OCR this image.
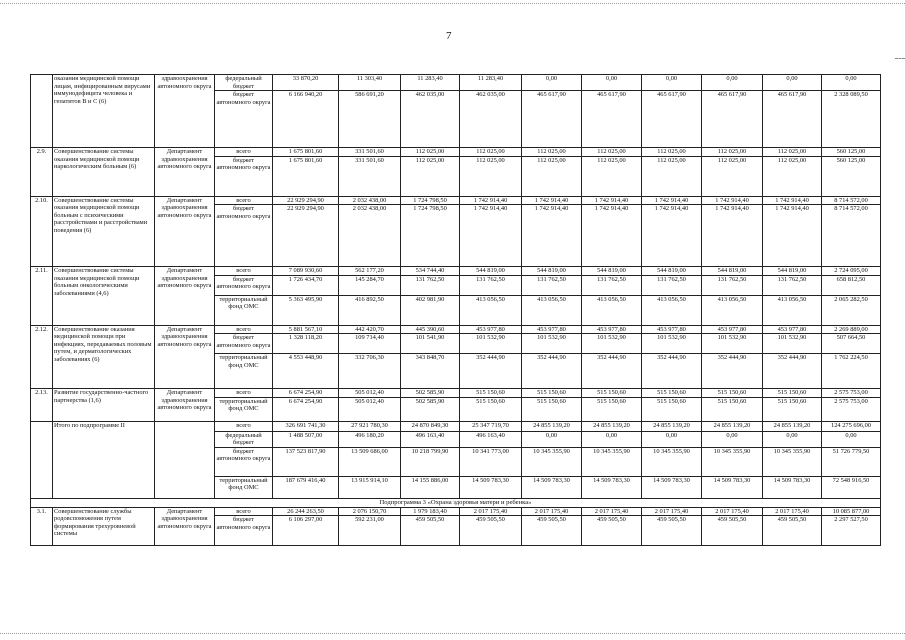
7
	оказания медицинской помощи лицам, инфицированным вирусами иммунодефицита человека и гепатитов В и С (6)	здравоохранения автономного округа	федеральный бюджет	33 870,20	11 303,40	11 283,40	11 283,40	0,00	0,00	0,00	0,00	0,00	0,00
			бюджет автономного округа	6 166 940,20	586 691,20	462 035,00	462 035,00	465 617,90	465 617,90	465 617,90	465 617,90	465 617,90	2 328 089,50
2.9.	Совершенствование системы оказания медицинской помощи наркологическим больным (6)	Департамент здравоохранения автономного округа	всего	1 675 801,60	331 501,60	112 025,00	112 025,00	112 025,00	112 025,00	112 025,00	112 025,00	112 025,00	560 125,00
			бюджет автономного округа	1 675 801,60	331 501,60	112 025,00	112 025,00	112 025,00	112 025,00	112 025,00	112 025,00	112 025,00	560 125,00
2.10.	Совершенствование системы оказания медицинской помощи больным с психическими расстройствами и расстройствами поведения (6)	Департамент здравоохранения автономного округа	всего	22 929 294,90	2 032 438,00	1 724 798,50	1 742 914,40	1 742 914,40	1 742 914,40	1 742 914,40	1 742 914,40	1 742 914,40	8 714 572,00
			бюджет автономного округа	22 929 294,90	2 032 438,00	1 724 798,50	1 742 914,40	1 742 914,40	1 742 914,40	1 742 914,40	1 742 914,40	1 742 914,40	8 714 572,00
2.11.	Совершенствование системы оказания медицинской помощи больным онкологическими заболеваниями (4,6)	Департамент здравоохранения автономного округа	всего	7 089 930,60	562 177,20	534 744,40	544 819,00	544 819,00	544 819,00	544 819,00	544 819,00	544 819,00	2 724 095,00
			бюджет автономного округа	1 726 434,70	145 284,70	131 762,50	131 762,50	131 762,50	131 762,50	131 762,50	131 762,50	131 762,50	658 812,50
			территориальный фонд ОМС	5 363 495,90	416 892,50	402 981,90	413 056,50	413 056,50	413 056,50	413 056,50	413 056,50	413 056,50	2 065 282,50
2.12.	Совершенствование оказания медицинской помощи при инфекциях, передаваемых половым путем, и дерматологических заболеваниях (6)	Департамент здравоохранения автономного округа	всего	5 881 567,10	442 420,70	445 390,60	453 977,80	453 977,80	453 977,80	453 977,80	453 977,80	453 977,80	2 269 889,00
			бюджет автономного округа	1 328 118,20	109 714,40	101 541,90	101 532,90	101 532,90	101 532,90	101 532,90	101 532,90	101 532,90	507 664,50
			территориальный фонд ОМС	4 553 448,90	332 706,30	343 848,70	352 444,90	352 444,90	352 444,90	352 444,90	352 444,90	352 444,90	1 762 224,50
2.13.	Развитие государственно-частного партнерства (1,6)	Департамент здравоохранения автономного округа	всего	6 674 254,90	505 012,40	502 585,90	515 150,60	515 150,60	515 150,60	515 150,60	515 150,60	515 150,60	2 575 753,00
			территориальный фонд ОМС	6 674 254,90	505 012,40	502 585,90	515 150,60	515 150,60	515 150,60	515 150,60	515 150,60	515 150,60	2 575 753,00
	Итого по подпрограмме II		всего	326 691 741,30	27 921 780,30	24 870 849,30	25 347 719,70	24 855 139,20	24 855 139,20	24 855 139,20	24 855 139,20	24 855 139,20	124 275 696,00
			федеральный бюджет	1 488 507,00	496 180,20	496 163,40	496 163,40	0,00	0,00	0,00	0,00	0,00	0,00
			бюджет автономного округа	137 523 817,90	13 509 686,00	10 218 799,90	10 341 773,00	10 345 355,90	10 345 355,90	10 345 355,90	10 345 355,90	10 345 355,90	51 726 779,50
			территориальный фонд ОМС	187 679 416,40	13 915 914,10	14 155 886,00	14 509 783,30	14 509 783,30	14 509 783,30	14 509 783,30	14 509 783,30	14 509 783,30	72 548 916,50
Подпрограмма 3 «Охрана здоровья матери и ребенка»													
3.1.	Совершенствование службы родовспоможения путем формирования трехуровневой системы	Департамент здравоохранения автономного округа	всего	26 244 263,50	2 076 150,70	1 979 183,40	2 017 175,40	2 017 175,40	2 017 175,40	2 017 175,40	2 017 175,40	2 017 175,40	10 085 877,00
			бюджет автономного округа	6 106 297,00	592 231,00	459 505,50	459 505,50	459 505,50	459 505,50	459 505,50	459 505,50	459 505,50	2 297 527,50
